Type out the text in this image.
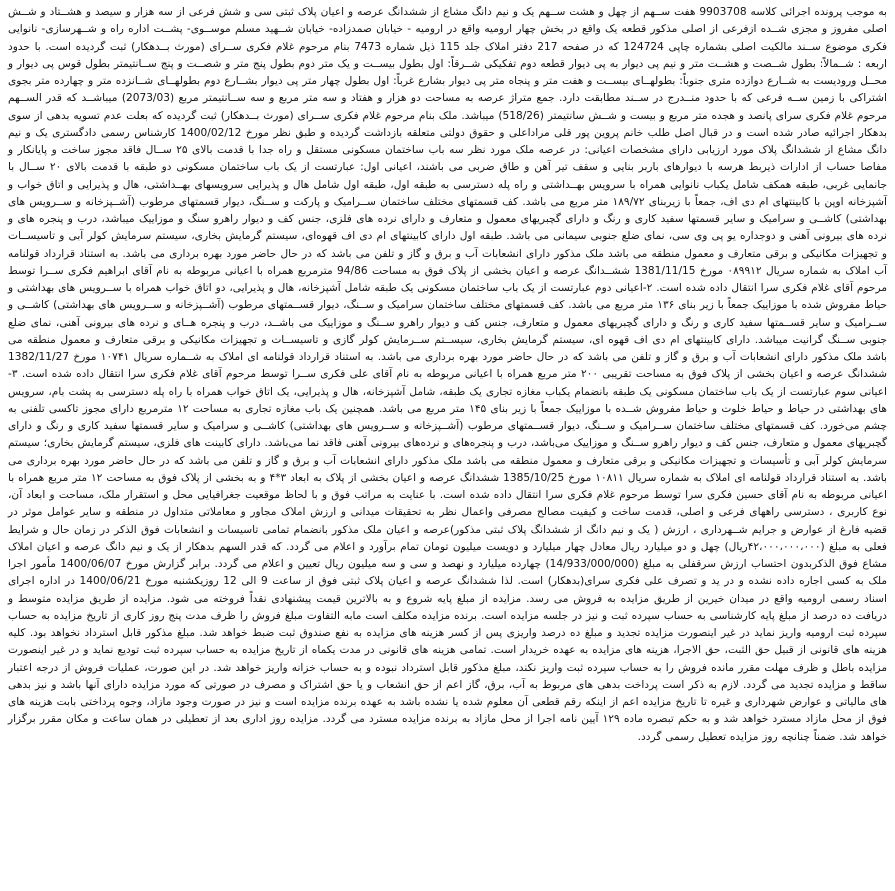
به موجب پرونده اجرائی کلاسه 9903708 هفت ســهم از چهل و هشت ســهم یک و نیم دانگ مشاع از ششدانگ عرصه و اعیان پلاک ثبتی سی و شش فرعی از سه هزار و سیصد و هشــتاد و شــش اصلی مفروز و مجزی شــده ازفرعی از اصلی مذکور قطعه یک واقع در بخش چهار ارومیه واقع در ارومیه - خیابان صمدزاده- خیابان شــهید مسلم موســوی- پشــت اداره راه و شــهرسازی- نانوایی فکری موضوع ســند مالکیت اصلی بشماره چاپی 124724 که در صفحه 217 دفتر املاک جلد 115 ذیل شماره 7473 بنام مرحوم غلام فکری ســرای (مورث بــدهکار) ثبت گردیده است. با حدود اربعه : شــمالاً: بطول شــصت و هشــت متر و نیم پی دیوار به پی دیوار قطعه دوم تفکیکی شــرقاً: اول بطول بیســت و یک متر دوم بطول پنج متر و شصــت و پنج ســانتیمتر بطول قوس پی دیوار و محــل ورودیست به شــارع دوازده متری جنوباً: بطولهــای بیســت و هفت متر و پنجاه متر پی دیوار بشارع غرباً: اول بطول چهار متر پی دیوار بشــارع دوم بطولهــای شــانزده متر و چهارده متر بجوی اشتراکی با زمین ســه فرعی که با حدود منــدرج در ســند مطابقت دارد. جمع متراژ عرصه به مساحت دو هزار و هفتاد و سه متر مربع و سه ســانتیمتر مربع (2073/03) میباشــد که قدر الســهم مرحوم غلام فکری سرای پانصد و هجده متر مربع و بیست و شــش سانتیمتر (518/26) میباشد. ملک بنام مرحوم غلام فکری ســرای (مورث بــدهکار) ثبت گردیده که بعلت عدم تسویه بدهی از سوی بدهکار اجرائیه صادر شده است و در قبال اصل طلب خانم پروین پور قلی مراداعلی و حقوق دولتی متعلقه بازداشت گردیده و طبق نظر مورخ 1400/02/12 کارشناس رسمی دادگستری یک و نیم دانگ مشاع از ششدانگ پلاک مورد ارزیابی دارای مشخصات اعیانی: در عرصه ملک مورد نظر سه باب ساختمان مسکونی مستقل و راه جدا با قدمت بالای ۲۵ ســال فاقد مجوز ساخت و پایانکار و مفاصا حساب از ادارات ذیربط هرسه با دیوارهای باربر بنایی و سقف تیر آهن و طاق ضربی می باشند، اعیانی اول: عبارتست از یک باب ساختمان مسکونی دو طبقه با قدمت بالای ۲۰ ســال با جانمایی غربی، طبقه همکف شامل یکباب نانوایی همراه با سرویس بهــداشتی و راه پله دسترسی به طبقه اول، طبقه اول شامل هال و پذیرایی سرویسهای بهــداشتی، هال و پذیرایی و اتاق خواب و آشپزخانه اوپن با کابینتهای ام دی اف، جمعاً با زیربنای ۱۸۹/۷۲ متر مربع می باشد. کف قسمتهای مختلف ساختمان ســرامیک و پارکت و ســنگ، دیوار قسمتهای مرطوب (آشــپزخانه و ســرویس های بهداشتی) کاشــی و سرامیک و سایر قسمتها سفید کاری و رنگ و دارای گچبریهای معمول و متعارف و دارای نرده های فلزی، جنس کف و دیوار راهرو سنگ و موزاییک میباشد، درب و پنجره های و نرده های بیرونی آهنی و دوجداره یو پی وی سی، نمای ضلع جنوبی سیمانی می باشد. طبقه اول دارای کابینتهای ام دی اف قهوه‌ای، سیستم گرمایش بخاری، سیستم سرمایش کولر آبی و تاسیســات و تجهیزات مکانیکی و برقی متعارف و معمول منطقه می باشد ملک مذکور دارای انشعابات آب و برق و گاز و تلفن می باشد که در حال حاضر مورد بهره برداری می باشد. به استناد قرارداد قولنامه آب املاک به شماره سریال ۰۸۹۹۱۲ مورخ 1381/11/15 ششــدانگ عرصه و اعیان بخشی از پلاک فوق به مساحت 94/86 مترمربع همراه با اعیانی مربوطه به نام آقای ابراهیم فکری ســرا توسط مرحوم آقای غلام فکری سرا انتقال داده شده است. ۲-اعیانی دوم عبارتست از یک باب ساختمان مسکونی یک طبقه شامل آشپزخانه، هال و پذیرایی، دو اتاق خواب همراه با ســرویس های بهداشتی و حیاط مفروش شده با موزاییک جمعاً با زیر بنای ۱۳۶ متر مربع می باشد. کف قسمتهای مختلف ساختمان سرامیک و ســنگ، دیوار قســمتهای مرطوب (آشــپزخانه و ســرویس های بهداشتی) کاشــی و ســرامیک و سایر قســمتها سفید کاری و رنگ و دارای گچبریهای معمول و متعارف، جنس کف و دیوار راهرو ســنگ و موزاییک می باشــد، درب و پنجره هــای و نرده های بیرونی آهنی، نمای ضلع جنوبی ســنگ گرانیت میباشد. دارای کابینتهای ام دی اف قهوه ای، سیستم گرمایش بخاری، سیســتم ســرمایش کولر گازی و تاسیســات و تجهیزات مکانیکی و برقی متعارف و معمول منطقه می باشد ملک مذکور دارای انشعابات آب و برق و گاز و تلفن می باشد که در حال حاضر مورد بهره برداری می باشد. به استناد قرارداد قولنامه ای املاک به شــماره سریال ۱۰۷۴۱ مورخ 1382/11/27 ششدانگ عرصه و اعیان بخشی از پلاک فوق به مساحت تقریبی ۲۰۰ متر مربع همراه با اعیانی مربوطه به نام آقای علی فکری ســرا توسط مرحوم آقای غلام فکری سرا انتقال داده شده است. ۳-اعیانی سوم عبارتست از یک باب ساختمان مسکونی یک طبقه بانضمام یکباب مغازه تجاری یک طبقه، شامل آشپزخانه، هال و پذیرایی، یک اتاق خواب همراه با راه پله دسترسی به پشت بام، سرویس های بهداشتی در حیاط و حیاط خلوت و حیاط مفروش شــده با موزاییک جمعاً با زیر بنای ۱۴۵ متر مربع می باشد. همچنین یک باب مغازه تجاری به مساحت ۱۲ مترمربع دارای مجوز تاکسی تلفنی به چشم می‌خورد. کف قسمتهای مختلف ساختمان ســرامیک و ســنگ، دیوار قســمتهای مرطوب (آشــپزخانه و ســرویس های بهداشتی) کاشــی و سرامیک و سایر قسمتها سفید کاری و رنگ و دارای گچبریهای معمول و متعارف، جنس کف و دیوار راهرو ســنگ و موزاییک می‌باشد، درب و پنجره‌های و نرده‌های بیرونی آهنی فاقد نما می‌باشد. دارای کابینت های فلزی، سیستم گرمایش بخاری؛ سیستم سرمایش کولر آبی و تأسیسات و تجهیزات مکانیکی و برقی متعارف و معمول منطقه می باشد ملک مذکور دارای انشعابات آب و برق و گاز و تلفن می باشد که در حال حاضر مورد بهره برداری می باشد. به استناد قرارداد قولنامه ای املاک به شماره سریال ۱۰۸۱۱ مورخ 1385/10/25 ششدانگ عرصه و اعیان بخشی از پلاک به ابعاد ۳*۴ و به بخشی از پلاک فوق به مساحت ۱۲ متر مربع همراه با اعیانی مربوطه به نام آقای حسین فکری سرا توسط مرحوم غلام فکری سرا انتقال داده شده است. با عنایت به مراتب فوق و با لحاظ موقعیت جغرافیایی محل و استقرار ملک، مساحت و ابعاد آن، نوع کاربری ، دسترسی راههای فرعی و اصلی، قدمت ساخت و کیفیت مصالح مصرفی واعمال نظر به تحقیقات میدانی و ارزش املاک مجاور و معاملاتی متداول در منطقه و سایر عوامل موثر در قضیه فارغ از عوارض و جرایم شــهرداری ، ارزش ( یک و نیم دانگ از ششدانگ پلاک ثبتی مذکور)عرصه و اعیان ملک مذکور بانضمام تمامی تاسیسات و انشعابات فوق الذکر در زمان حال و شرایط فعلی به مبلغ (۴۲،۰۰۰،۰۰۰،۰۰۰ریال) چهل و دو میلیارد ریال معادل چهار میلیارد و دویست میلیون تومان تمام برآورد و اعلام می گردد. که قدر السهم بدهکار از یک و نیم دانگ عرصه و اعیان املاک مشاع فوق الذکربدون احتساب ارزش سرقفلی به مبلغ (14/933/000/000) چهارده میلیارد و نهصد و سی و سه میلیون ریال تعیین و اعلام می گردد. برابر گزارش مورخ 1400/06/07 مأمور اجرا ملک به کسی اجاره داده نشده و در ید و تصرف علی فکری سرای(بدهکار) است. لذا ششدانگ عرصه و اعیان پلاک ثبتی فوق از ساعت 9 الی 12 روزیکشنبه مورخ 1400/06/21 در اداره اجرای اسناد رسمی ارومیه واقع در میدان خیرین از طریق مزایده به فروش می رسد. مزایده از مبلغ پایه شروع و به بالاترین قیمت پیشنهادی نقداً فروخته می شود. مزایده از طریق مزایده متوسط و دریافت ده درصد از مبلغ پایه کارشناسی به حساب سپرده ثبت و نیز در جلسه مزایده است. برنده مزایده مکلف است مابه التفاوت مبلغ فروش را ظرف مدت پنج روز کاری از تاریخ مزایده به حساب سپرده ثبت ارومیه واریز نماید در غیر اینصورت مزایده تجدید و مبلغ ده درصد واریزی پس از کسر هزینه های مزایده به نفع صندوق ثبت ضبط خواهد شد. مبلغ مذکور قابل استرداد نخواهد بود. کلیه هزینه های قانونی از قبیل حق الثبت، حق الاجرا، هزینه های مزایده به عهده خریدار است. تمامی هزینه های قانونی در مدت یکماه از تاریخ مزایده به حساب سپرده ثبت تودیع نماید و در غیر اینصورت مزایده باطل و ظرف مهلت مقرر مانده فروش را به حساب سپرده ثبت واریز نکند، مبلغ مذکور قابل استرداد نبوده و به حساب خزانه واریز خواهد شد. در این صورت، عملیات فروش از درجه اعتبار ساقط و مزایده تجدید می گردد. لازم به ذکر است پرداخت بدهی های مربوط به آب، برق، گاز اعم از حق انشعاب و یا حق اشتراک و مصرف در صورتی که مورد مزایده دارای آنها باشد و نیز بدهی های مالیاتی و عوارض شهرداری و غیره تا تاریخ مزایده اعم از اینکه رقم قطعی آن معلوم شده یا نشده باشد به عهده برنده مزایده است و نیز در صورت وجود مازاد، وجوه پرداختی بابت هزینه های فوق از محل مازاد مسترد خواهد شد و به حکم تبصره ماده ۱۲۹ آیین نامه اجرا از محل مازاد به برنده مزایده مسترد می گردد. مزایده روز اداری بعد از تعطیلی در همان ساعت و مکان مقرر برگزار خواهد شد. ضمناً چنانچه روز مزایده تعطیل رسمی گردد.
